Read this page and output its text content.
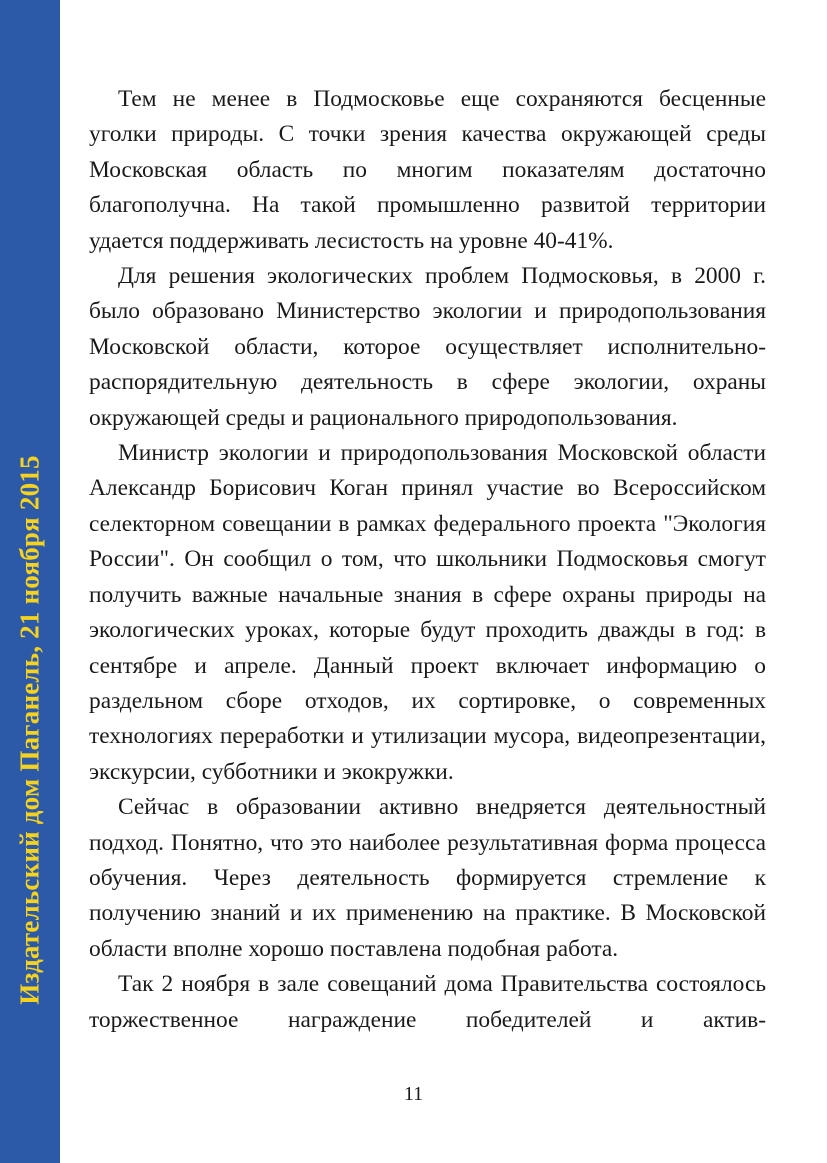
Издательский дом Паганель, 21 ноября 2015

Тем не менее в Подмосковье еще сохраняются бесценные уголки природы. С точки зрения качества окружающей среды Московская область по многим показателям достаточно благополучна. На такой промышленно развитой территории удается поддерживать лесистость на уровне 40-41%.

Для решения экологических проблем Подмосковья, в 2000 г. было образовано Министерство экологии и природопользования Московской области, которое осуществляет исполнительно-распорядительную деятельность в сфере экологии, охраны окружающей среды и рационального природопользования.

Министр экологии и природопользования Московской области Александр Борисович Коган принял участие во Всероссийском селекторном совещании в рамках федерального проекта "Экология России". Он сообщил о том, что школьники Подмосковья смогут получить важные начальные знания в сфере охраны природы на экологических уроках, которые будут проходить дважды в год: в сентябре и апреле. Данный проект включает информацию о раздельном сборе отходов, их сортировке, о современных технологиях переработки и утилизации мусора, видеопрезентации, экскурсии, субботники и экокружки.

Сейчас в образовании активно внедряется деятельностный подход. Понятно, что это наиболее результативная форма процесса обучения. Через деятельность формируется стремление к получению знаний и их применению на практике. В Московской области вполне хорошо поставлена подобная работа.

Так 2 ноября в зале совещаний дома Правительства состоялось торжественное награждение победителей и актив-

11
